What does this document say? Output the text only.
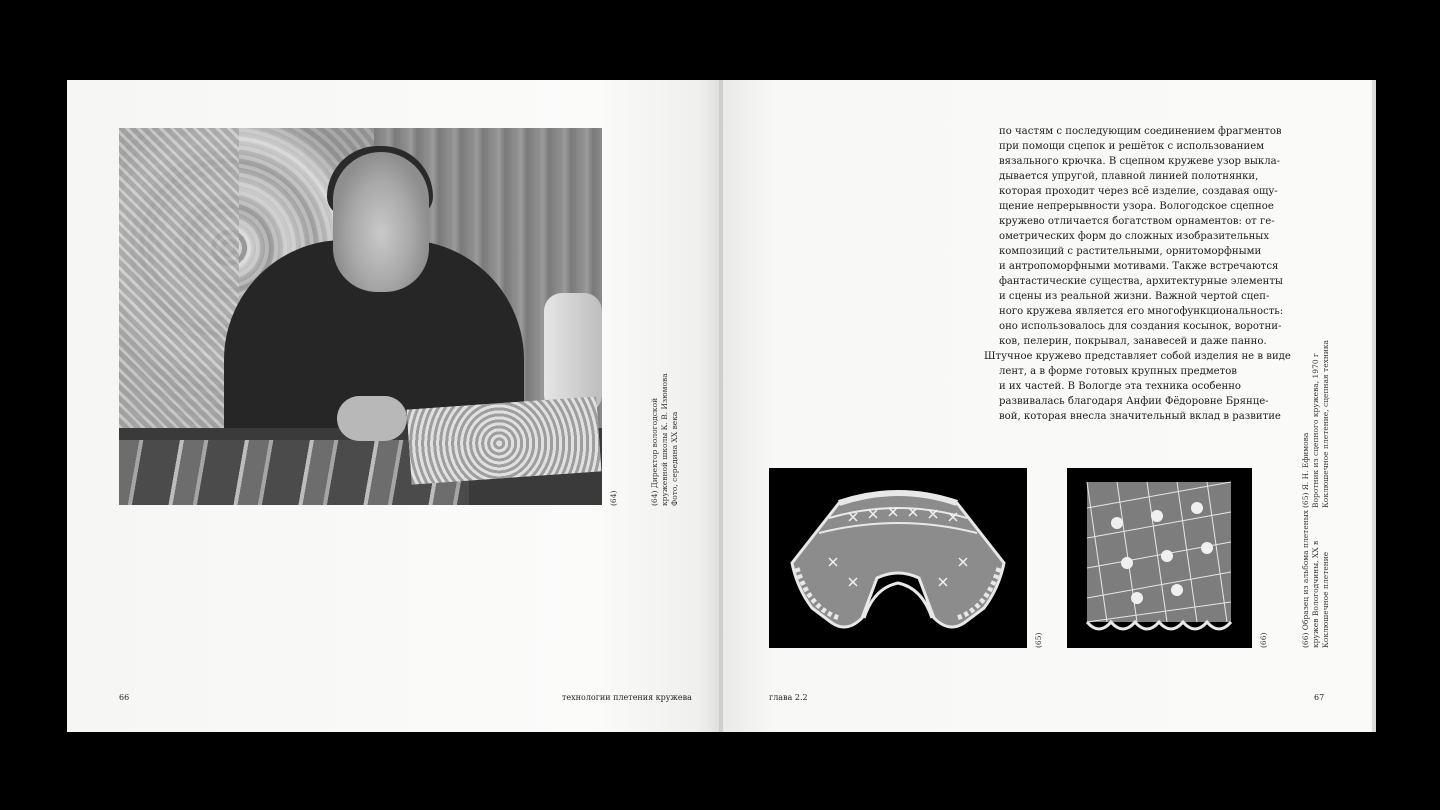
(64)	(64) Директор вологодской кружевной школы К. В. Изюмова Фото, середина XX века
по частям с последующим соединением фрагментов
при помощи сцепок и решёток с использованием
вязального крючка. В сцепном кружеве узор выкла-
дывается упругой, плавной линией полотнянки,
которая проходит через всё изделие, создавая ощу-
щение непрерывности узора. Вологодское сцепное
кружево отличается богатством орнаментов: от ге-
ометрических форм до сложных изобразительных
композиций с растительными, орнитоморфными
и антропоморфными мотивами. Также встречаются
фантастические существа, архитектурные элементы
и сцены из реальной жизни. Важной чертой сцеп-
ного кружева является его многофункциональность:
оно использовалось для создания косынок, воротни-
ков, пелерин, покрывал, занавесей и даже панно.
Штучное кружево представляет собой изделия не в виде
лент, а в форме готовых крупных предметов
и их частей. В Вологде эта техника особенно
развивалась благодаря Анфии Фёдоровне Брянце-
вой, которая внесла значительный вклад в развитие
(65)	(66)	(66) Образец из альбома плетеных кружев Вологодчины, XX в Коклюшечное плетение
(65) Я. Н. Ефимова Воротник из сцепного кружева, 1970 г Коклюшечное плетение, сцепная техника
66	технологии плетения кружева	глава 2.2	67
